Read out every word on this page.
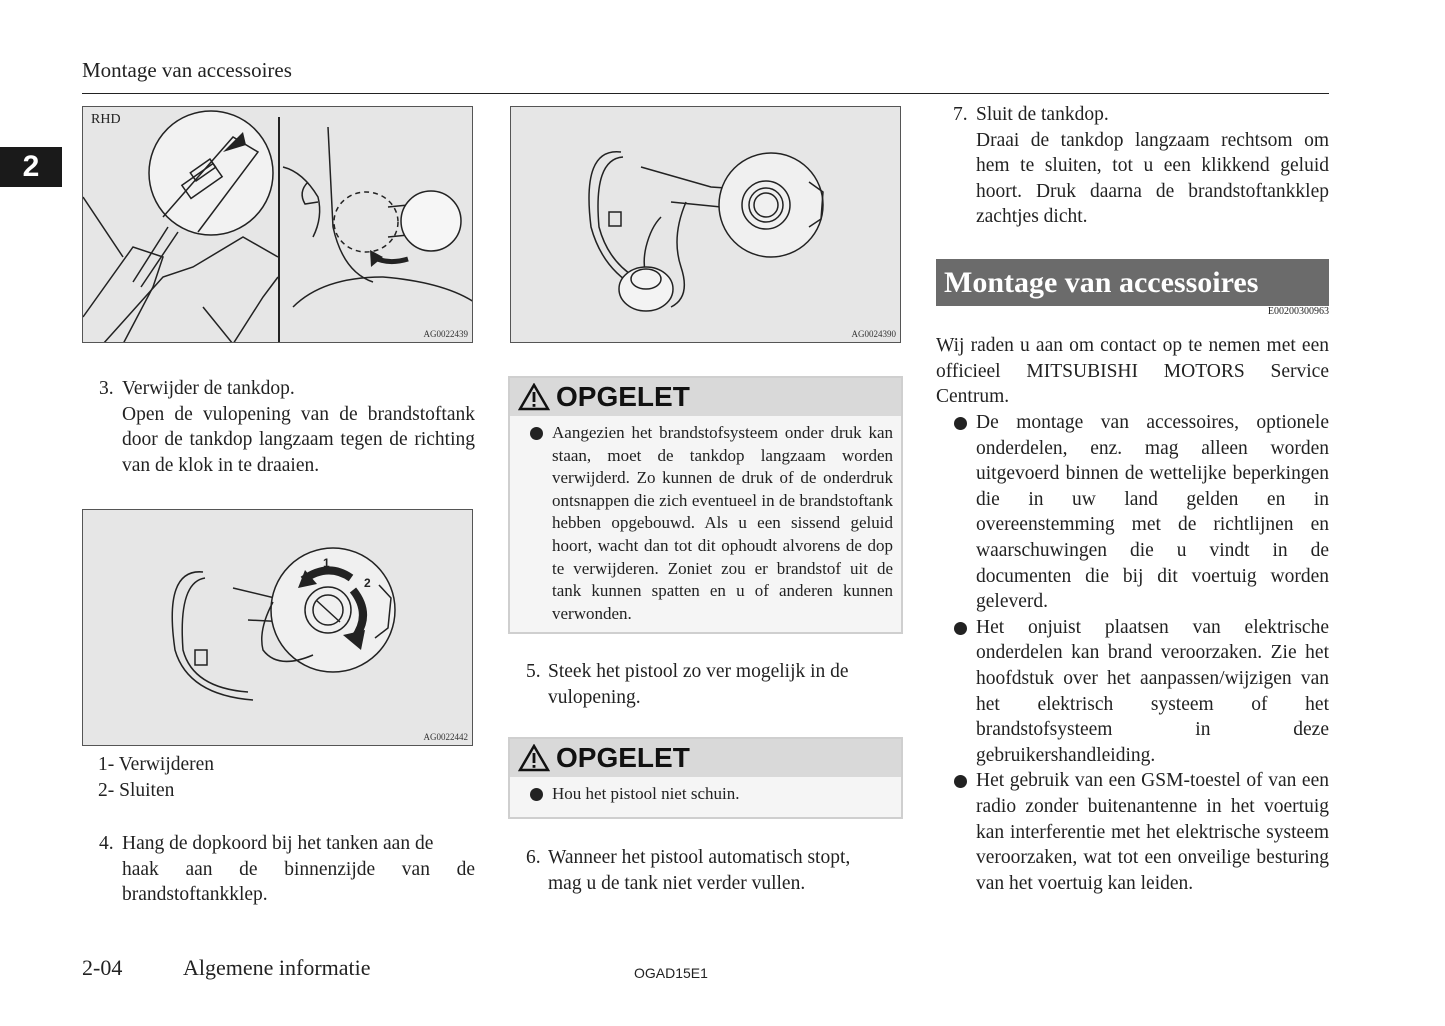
Montage van accessoires
2
RHD
AG0022439	AG0024390
3. Verwijder de tankdop.
Open de vulopening van de brandstoftank door de tankdop langzaam tegen de richting van de klok in te draaien.
1
2
AG0022442
1- Verwijderen
2- Sluiten
4. Hang de dopkoord bij het tanken aan de
haak aan de binnenzijde van de brandstoftankklep.
OPGELET
Aangezien het brandstofsysteem onder druk kan staan, moet de tankdop langzaam worden verwijderd. Zo kunnen de druk of de onderdruk ontsnappen die zich eventueel in de brandstoftank hebben opgebouwd. Als u een sissend geluid hoort, wacht dan tot dit ophoudt alvorens de dop te verwijderen. Zoniet zou er brandstof uit de tank kunnen spatten en u of anderen kunnen verwonden.
5. Steek het pistool zo ver mogelijk in de
vulopening.
OPGELET
Hou het pistool niet schuin.
6. Wanneer het pistool automatisch stopt,
mag u de tank niet verder vullen.
7. Sluit de tankdop.
Draai de tankdop langzaam rechtsom om hem te sluiten, tot u een klikkend geluid hoort. Druk daarna de brandstoftankklep zachtjes dicht.
Montage van accessoires
E00200300963
Wij raden u aan om contact op te nemen met een officieel MITSUBISHI MOTORS Service Centrum.
De montage van accessoires, optionele onderdelen, enz. mag alleen worden uitgevoerd binnen de wettelijke beperkingen die in uw land gelden en in overeenstemming met de richtlijnen en waarschuwingen die u vindt in de documenten die bij dit voertuig worden geleverd.
Het onjuist plaatsen van elektrische onderdelen kan brand veroorzaken. Zie het hoofdstuk over het aanpassen/wijzigen van het elektrisch systeem of het brandstofsysteem in deze gebruikershandleiding.
Het gebruik van een GSM-toestel of van een radio zonder buitenantenne in het voertuig kan interferentie met het elektrische systeem veroorzaken, wat tot een onveilige besturing van het voertuig kan leiden.
2-04	Algemene informatie	OGAD15E1
